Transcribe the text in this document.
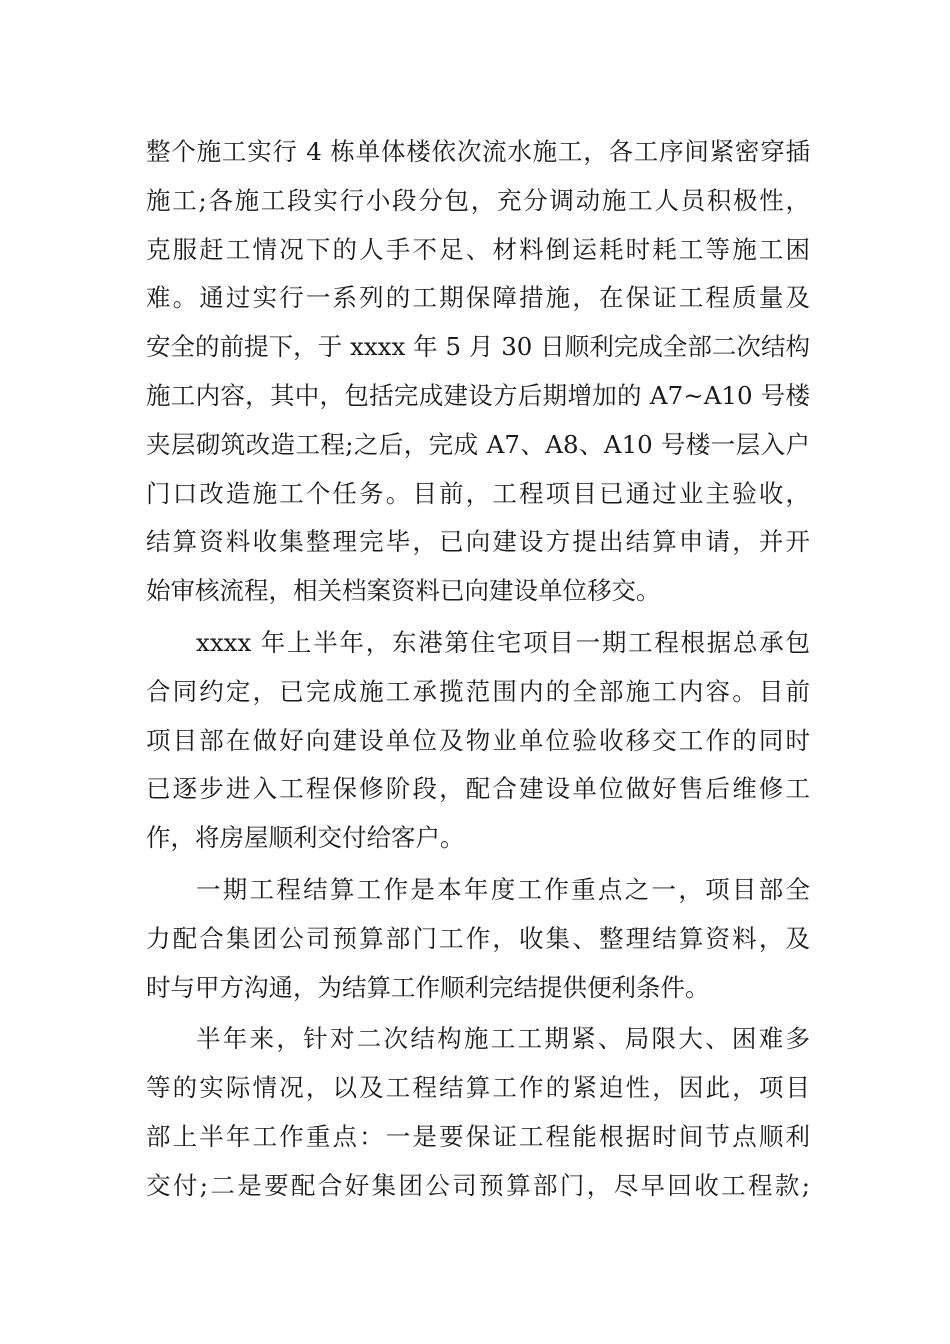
整个施工实行 4 栋单体楼依次流水施工，各工序间紧密穿插
施工;各施工段实行小段分包，充分调动施工人员积极性，
克服赶工情况下的人手不足、材料倒运耗时耗工等施工困
难。通过实行一系列的工期保障措施，在保证工程质量及
安全的前提下，于 xxxx 年 5 月 30 日顺利完成全部二次结构
施工内容，其中，包括完成建设方后期增加的 A7~A10 号楼
夹层砌筑改造工程;之后，完成 A7、A8、A10 号楼一层入户
门口改造施工个任务。目前，工程项目已通过业主验收，
结算资料收集整理完毕，已向建设方提出结算申请，并开
始审核流程，相关档案资料已向建设单位移交。
xxxx 年上半年，东港第住宅项目一期工程根据总承包
合同约定，已完成施工承揽范围内的全部施工内容。目前
项目部在做好向建设单位及物业单位验收移交工作的同时
已逐步进入工程保修阶段，配合建设单位做好售后维修工
作，将房屋顺利交付给客户。
一期工程结算工作是本年度工作重点之一，项目部全
力配合集团公司预算部门工作，收集、整理结算资料，及
时与甲方沟通，为结算工作顺利完结提供便利条件。
半年来，针对二次结构施工工期紧、局限大、困难多
等的实际情况，以及工程结算工作的紧迫性，因此，项目
部上半年工作重点：一是要保证工程能根据时间节点顺利
交付;二是要配合好集团公司预算部门，尽早回收工程款;
